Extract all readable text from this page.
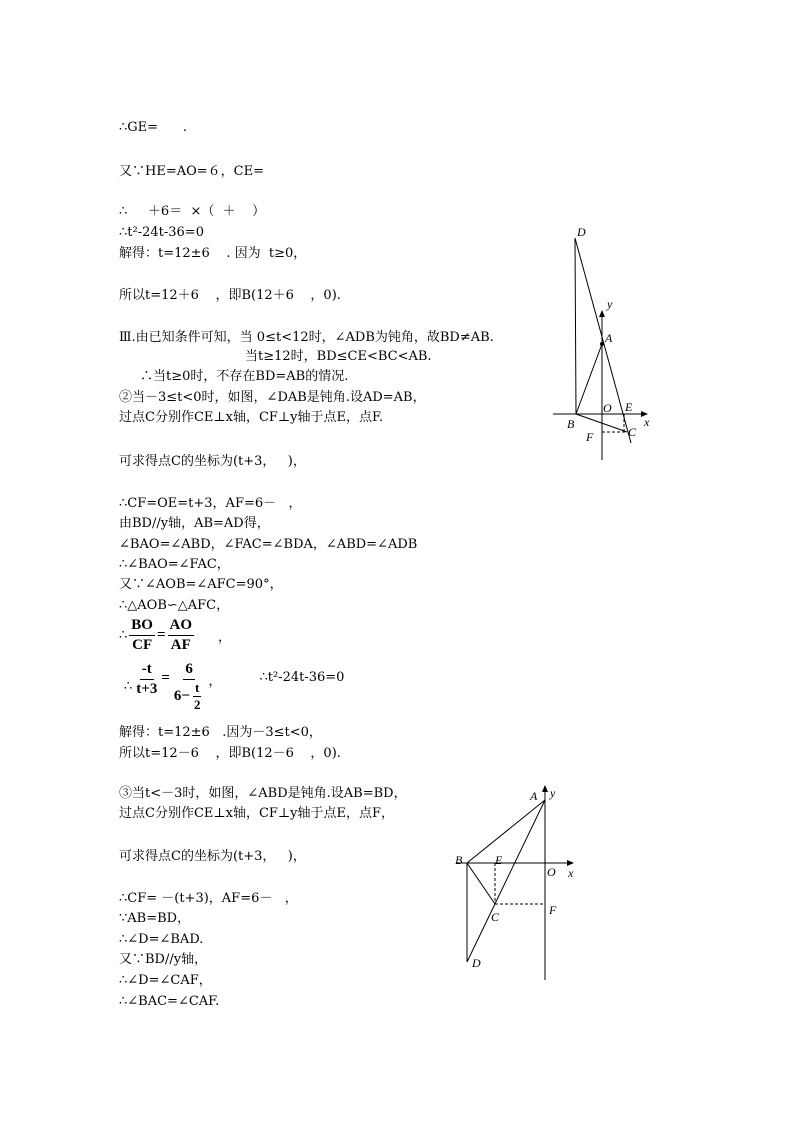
∴GE=      .
又∵HE=AO=６，CE=
∴     ＋6＝  ×（  ＋    ）
∴t²-24t-36=0
解得：t=12±6    . 因为  t≥0，
所以t=12＋6    ，即B(12＋6    ，0).
Ⅲ.由已知条件可知，当 0≤t<12时，∠ADB为钝角，故BD≠AB.
当t≥12时，BD≤CE<BC<AB.
∴当t≥0时，不存在BD=AB的情况.
②当－3≤t<0时，如图，∠DAB是钝角.设AD=AB，
过点C分别作CE⊥x轴，CF⊥y轴于点E，点F.
可求得点C的坐标为(t+3，   )，
∴CF=OE=t+3，AF=6－   ，
由BD//y轴，AB=AD得，
∠BAO=∠ABD，∠FAC=∠BDA，∠ABD=∠ADB
∴∠BAO=∠FAC，
又∵∠AOB=∠AFC=90°，
∴△AOB∽△AFC，
∴ $\frac{BO}{CF} = \frac{AO}{AF}$ ，
∴ $\frac{-t}{t+3} = \frac{6}{6- \frac{t}{2}}$ ，	∴t²-24t-36=0
解得：t=12±6   .因为－3≤t<0，
所以t=12－6    ，即B(12－6    ，0).
③当t<－3时，如图，∠ABD是钝角.设AB=BD，
过点C分别作CE⊥x轴，CF⊥y轴于点E，点F，
可求得点C的坐标为(t+3，   )，
∴CF= －(t+3)，AF=6－   ，
∵AB=BD，
∴∠D=∠BAD.
又∵BD//y轴，
∴∠D=∠CAF，
∴∠BAC=∠CAF.
D
y
A
O E
x
B
F	C
A y
B	E
O x
F
C
D
